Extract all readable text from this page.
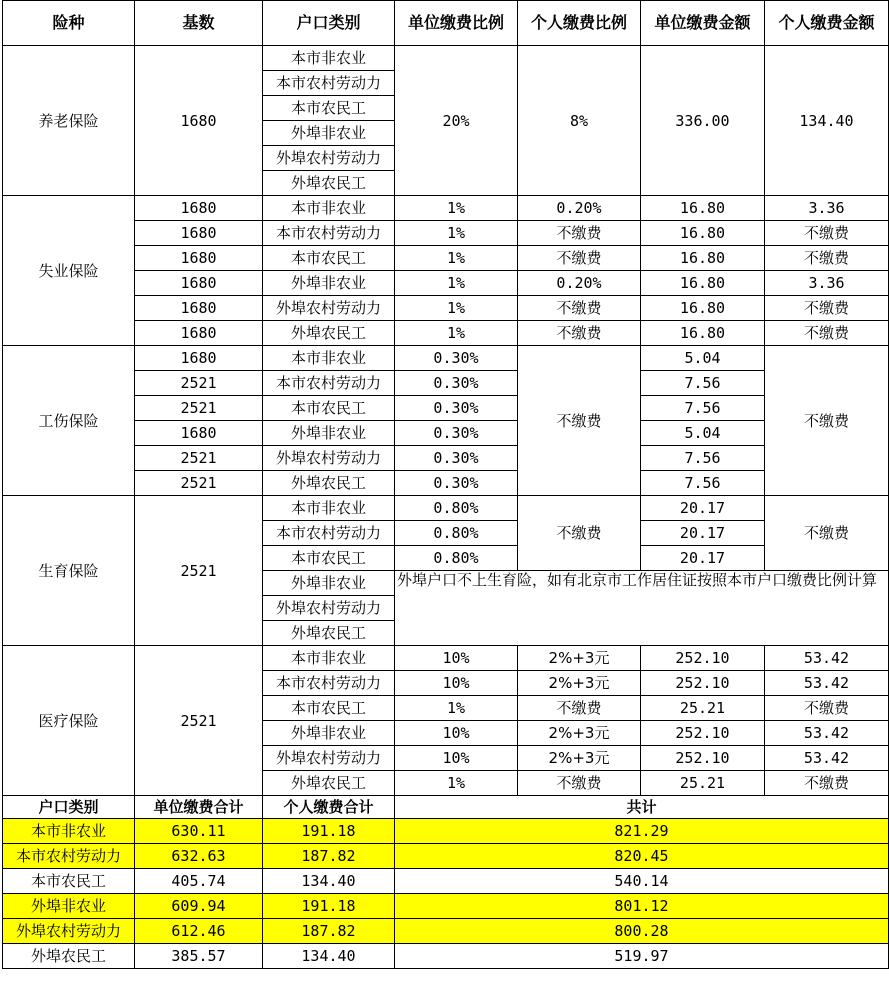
险种	基数	户口类别	单位缴费比例	个人缴费比例	单位缴费金额	个人缴费金额
养老保险	1680	本市非农业	20%	8%	336.00	134.40
		本市农村劳动力				
		本市农民工				
		外埠非农业				
		外埠农村劳动力				
		外埠农民工				
失业保险	1680	本市非农业	1%	0.20%	16.80	3.36
	1680	本市农村劳动力	1%	不缴费	16.80	不缴费
	1680	本市农民工	1%	不缴费	16.80	不缴费
	1680	外埠非农业	1%	0.20%	16.80	3.36
	1680	外埠农村劳动力	1%	不缴费	16.80	不缴费
	1680	外埠农民工	1%	不缴费	16.80	不缴费
工伤保险	1680	本市非农业	0.30%	不缴费	5.04	不缴费
	2521	本市农村劳动力	0.30%		7.56	
	2521	本市农民工	0.30%		7.56	
	1680	外埠非农业	0.30%		5.04	
	2521	外埠农村劳动力	0.30%		7.56	
	2521	外埠农民工	0.30%		7.56	
生育保险	2521	本市非农业	0.80%	不缴费	20.17	不缴费
		本市农村劳动力	0.80%		20.17	
		本市农民工	0.80%		20.17	
		外埠非农业	外埠户口不上生育险，如有北京市工作居住证按照本市户口缴费比例计算			
		外埠农村劳动力				
		外埠农民工				
医疗保险	2521	本市非农业	10%	2%+3元	252.10	53.42
		本市农村劳动力	10%	2%+3元	252.10	53.42
		本市农民工	1%	不缴费	25.21	不缴费
		外埠非农业	10%	2%+3元	252.10	53.42
		外埠农村劳动力	10%	2%+3元	252.10	53.42
		外埠农民工	1%	不缴费	25.21	不缴费
户口类别	单位缴费合计	个人缴费合计	共计			
本市非农业	630.11	191.18	821.29			
本市农村劳动力	632.63	187.82	820.45			
本市农民工	405.74	134.40	540.14			
外埠非农业	609.94	191.18	801.12			
外埠农村劳动力	612.46	187.82	800.28			
外埠农民工	385.57	134.40	519.97			
